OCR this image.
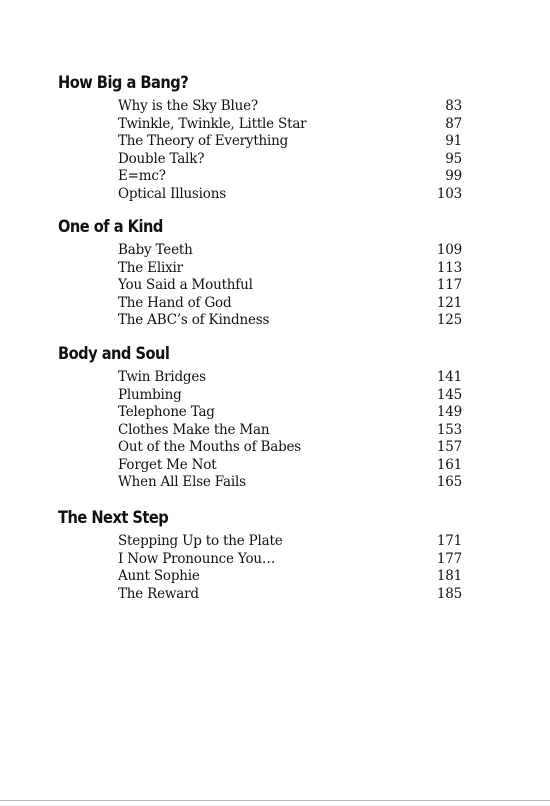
How Big a Bang?
Why is the Sky Blue?	83
Twinkle, Twinkle, Little Star	87
The Theory of Everything	91
Double Talk?	95
E=mc?	99
Optical Illusions	103
One of a Kind
Baby Teeth	109
The Elixir	113
You Said a Mouthful	117
The Hand of God	121
The ABC’s of Kindness	125
Body and Soul
Twin Bridges	141
Plumbing	145
Telephone Tag	149
Clothes Make the Man	153
Out of the Mouths of Babes	157
Forget Me Not	161
When All Else Fails	165
The Next Step
Stepping Up to the Plate	171
I Now Pronounce You…	177
Aunt Sophie	181
The Reward	185
